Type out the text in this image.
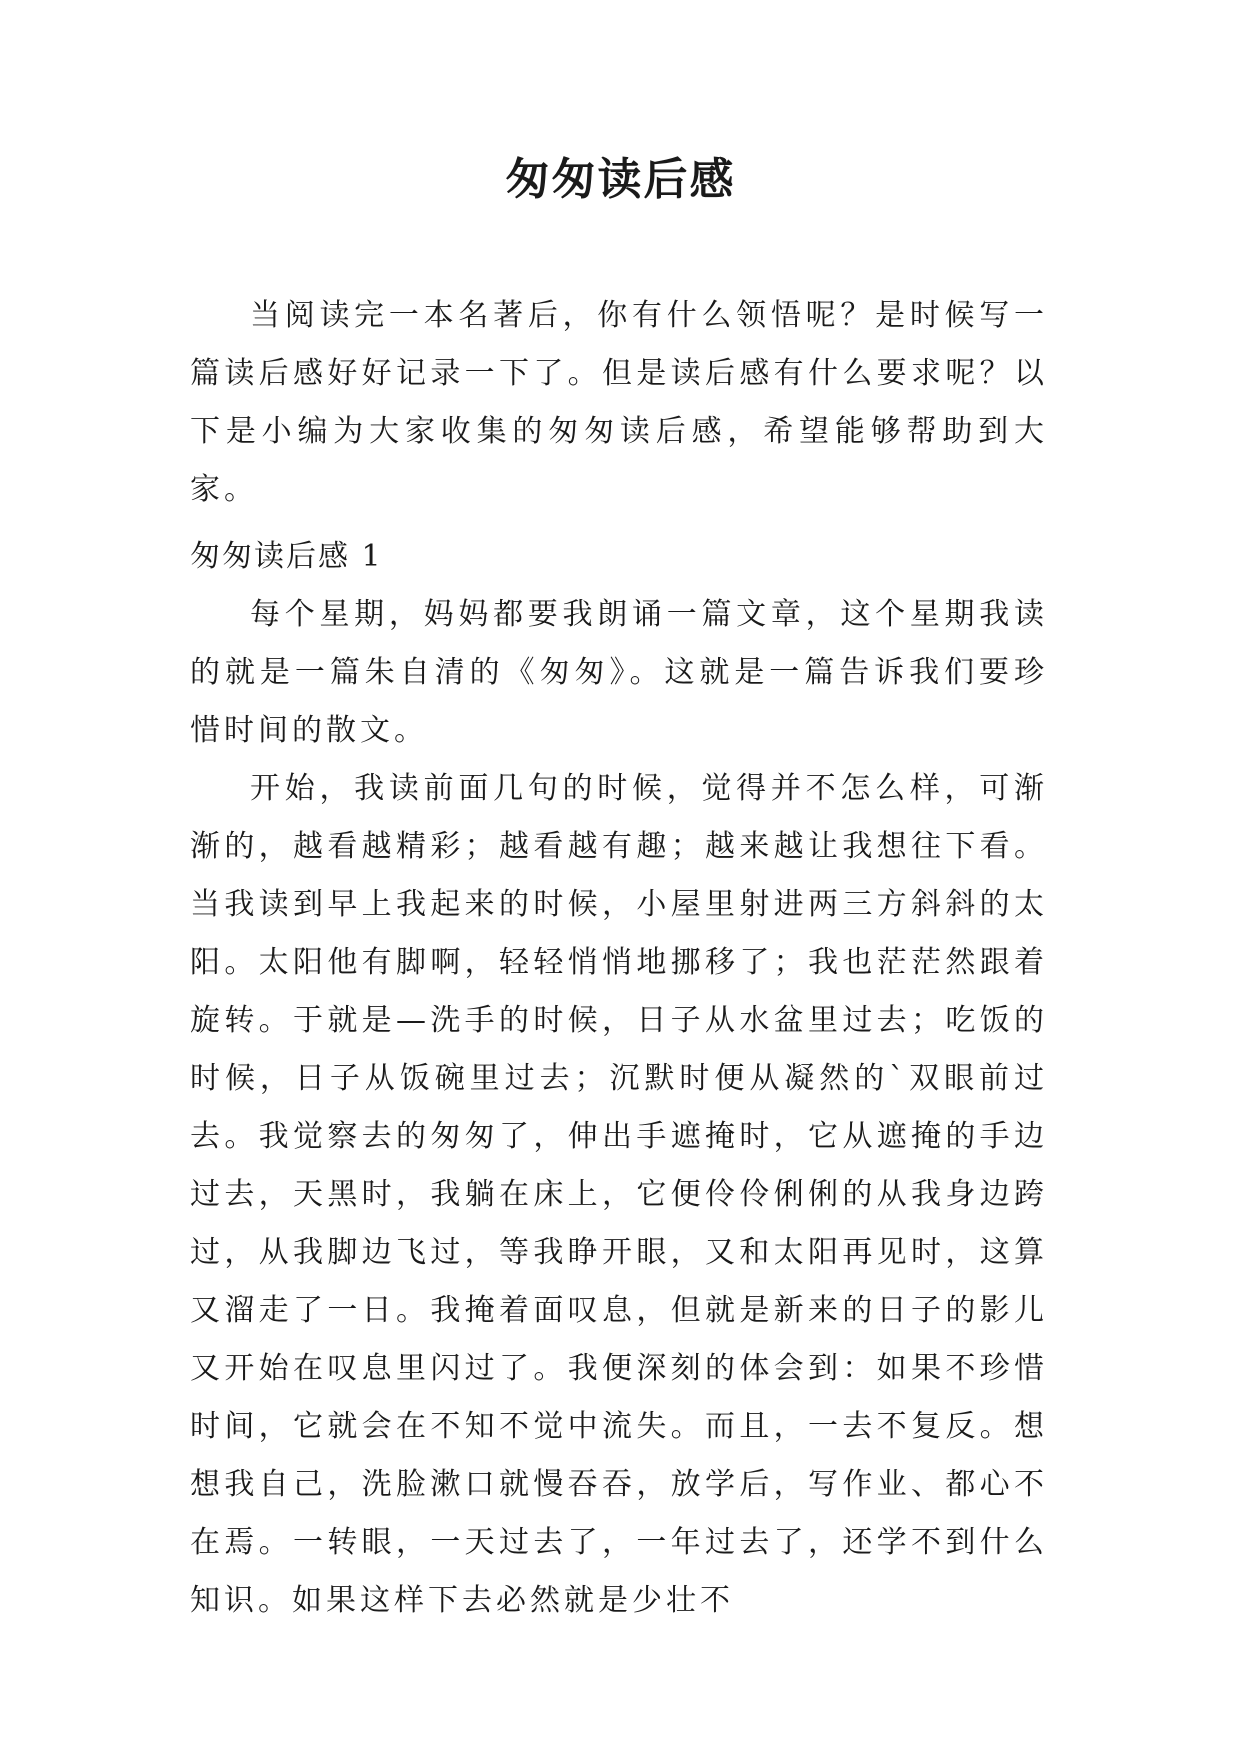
匆匆读后感

当阅读完一本名著后，你有什么领悟呢？是时候写一篇读后感好好记录一下了。但是读后感有什么要求呢？以下是小编为大家收集的匆匆读后感，希望能够帮助到大家。

匆匆读后感 1

每个星期，妈妈都要我朗诵一篇文章，这个星期我读的就是一篇朱自清的《匆匆》。这就是一篇告诉我们要珍惜时间的散文。

开始，我读前面几句的时候，觉得并不怎么样，可渐渐的，越看越精彩；越看越有趣；越来越让我想往下看。当我读到早上我起来的时候，小屋里射进两三方斜斜的太阳。太阳他有脚啊，轻轻悄悄地挪移了；我也茫茫然跟着旋转。于就是—洗手的时候，日子从水盆里过去；吃饭的时候，日子从饭碗里过去；沉默时便从凝然的`双眼前过去。我觉察去的匆匆了，伸出手遮掩时，它从遮掩的手边过去，天黑时，我躺在床上，它便伶伶俐俐的从我身边跨过，从我脚边飞过，等我睁开眼，又和太阳再见时，这算又溜走了一日。我掩着面叹息，但就是新来的日子的影儿又开始在叹息里闪过了。我便深刻的体会到：如果不珍惜时间，它就会在不知不觉中流失。而且，一去不复反。想想我自己，洗脸漱口就慢吞吞，放学后，写作业、都心不在焉。一转眼，一天过去了，一年过去了，还学不到什么知识。如果这样下去必然就是少壮不
